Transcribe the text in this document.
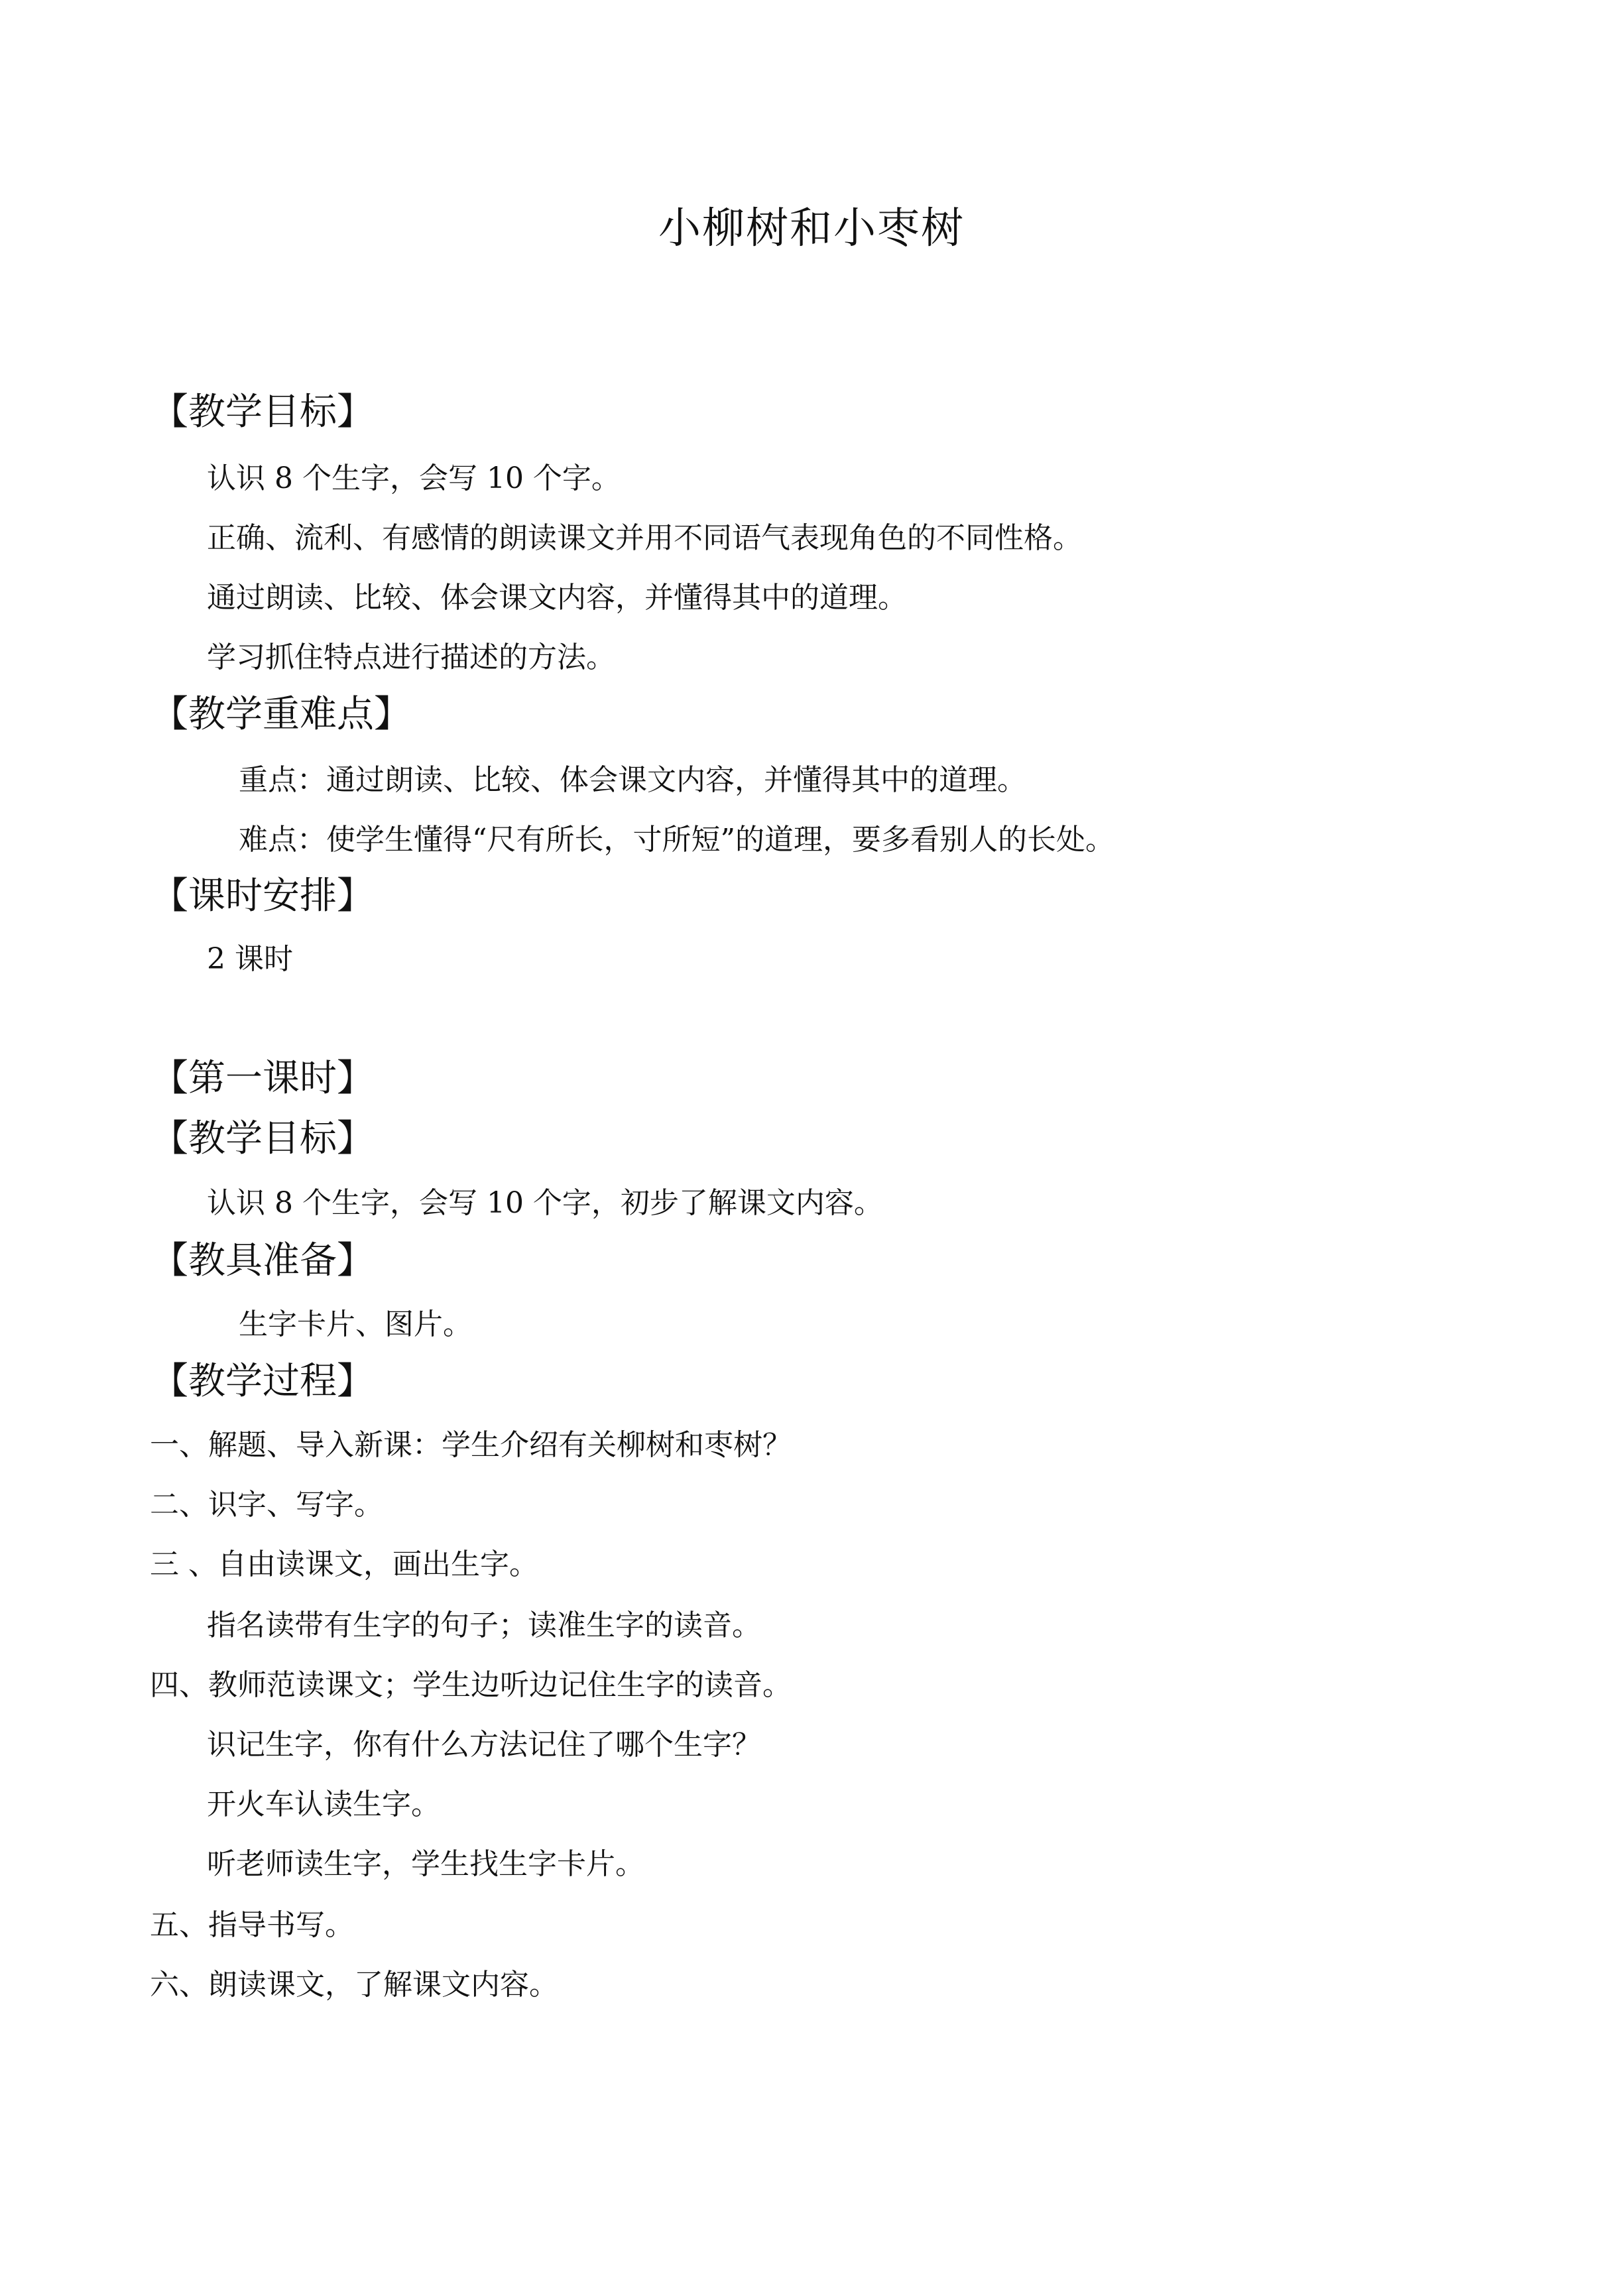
小柳树和小枣树
【教学目标】
认识 8 个生字，会写 10 个字。
正确、流利、有感情的朗读课文并用不同语气表现角色的不同性格。
通过朗读、比较、体会课文内容，并懂得其中的道理。
学习抓住特点进行描述的方法。
【教学重难点】
重点：通过朗读、比较、体会课文内容，并懂得其中的道理。
难点：使学生懂得“尺有所长，寸所短”的道理，要多看别人的长处。
【课时安排】
2 课时
【第一课时】
【教学目标】
认识 8 个生字，会写 10 个字，初步了解课文内容。
【教具准备】
生字卡片、图片。
【教学过程】
一、解题、导入新课：学生介绍有关柳树和枣树？
二、识字、写字。
三 、自由读课文，画出生字。
指名读带有生字的句子；读准生字的读音。
四、教师范读课文；学生边听边记住生字的读音。
识记生字，你有什么方法记住了哪个生字？
开火车认读生字。
听老师读生字，学生找生字卡片。
五、指导书写。
六、朗读课文，了解课文内容。
